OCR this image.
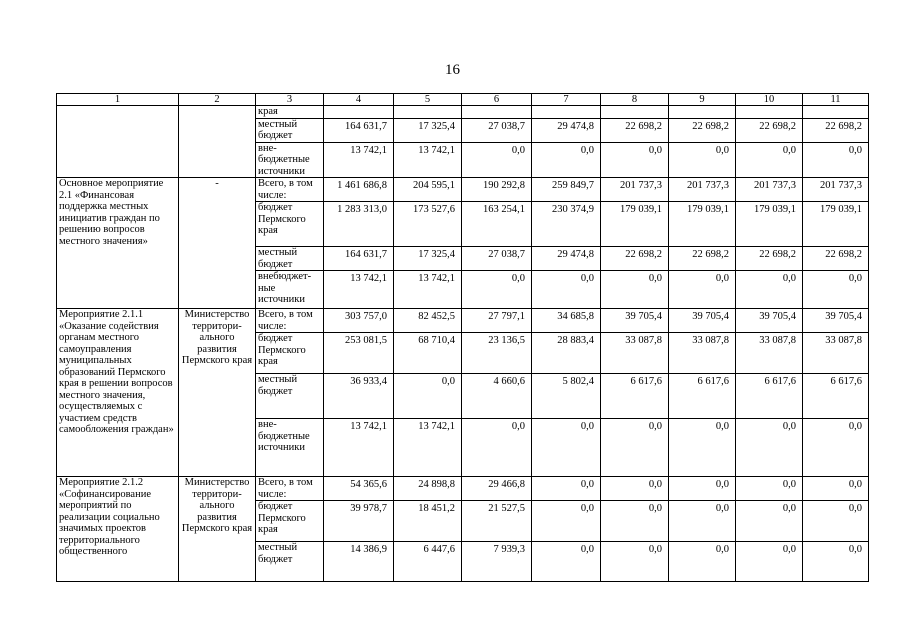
16
1	2	3	4	5	6	7	8	9	10	11
		края								
		местный бюджет	164 631,7	17 325,4	27 038,7	29 474,8	22 698,2	22 698,2	22 698,2	22 698,2
		вне-бюджетные источники	13 742,1	13 742,1	0,0	0,0	0,0	0,0	0,0	0,0
Основное мероприятие 2.1 «Финансовая поддержка местных инициатив граждан по решению вопросов местного значения»	-	Всего, в том числе:	1 461 686,8	204 595,1	190 292,8	259 849,7	201 737,3	201 737,3	201 737,3	201 737,3
		бюджет Пермского края	1 283 313,0	173 527,6	163 254,1	230 374,9	179 039,1	179 039,1	179 039,1	179 039,1
		местный бюджет	164 631,7	17 325,4	27 038,7	29 474,8	22 698,2	22 698,2	22 698,2	22 698,2
		внебюджет-ные источники	13 742,1	13 742,1	0,0	0,0	0,0	0,0	0,0	0,0
Мероприятие 2.1.1 «Оказание содействия органам местного самоуправления муниципальных образований Пермского края в решении вопросов местного значения, осуществляемых с участием средств самообложения граждан»	Министерство территори-ального развития Пермского края	Всего, в том числе:	303 757,0	82 452,5	27 797,1	34 685,8	39 705,4	39 705,4	39 705,4	39 705,4
		бюджет Пермского края	253 081,5	68 710,4	23 136,5	28 883,4	33 087,8	33 087,8	33 087,8	33 087,8
		местный бюджет	36 933,4	0,0	4 660,6	5 802,4	6 617,6	6 617,6	6 617,6	6 617,6
		вне-бюджетные источники	13 742,1	13 742,1	0,0	0,0	0,0	0,0	0,0	0,0
Мероприятие 2.1.2 «Софинансирование мероприятий по реализации социально значимых проектов территориального общественного	Министерство территори-ального развития Пермского края	Всего, в том числе:	54 365,6	24 898,8	29 466,8	0,0	0,0	0,0	0,0	0,0
		бюджет Пермского края	39 978,7	18 451,2	21 527,5	0,0	0,0	0,0	0,0	0,0
		местный бюджет	14 386,9	6 447,6	7 939,3	0,0	0,0	0,0	0,0	0,0
